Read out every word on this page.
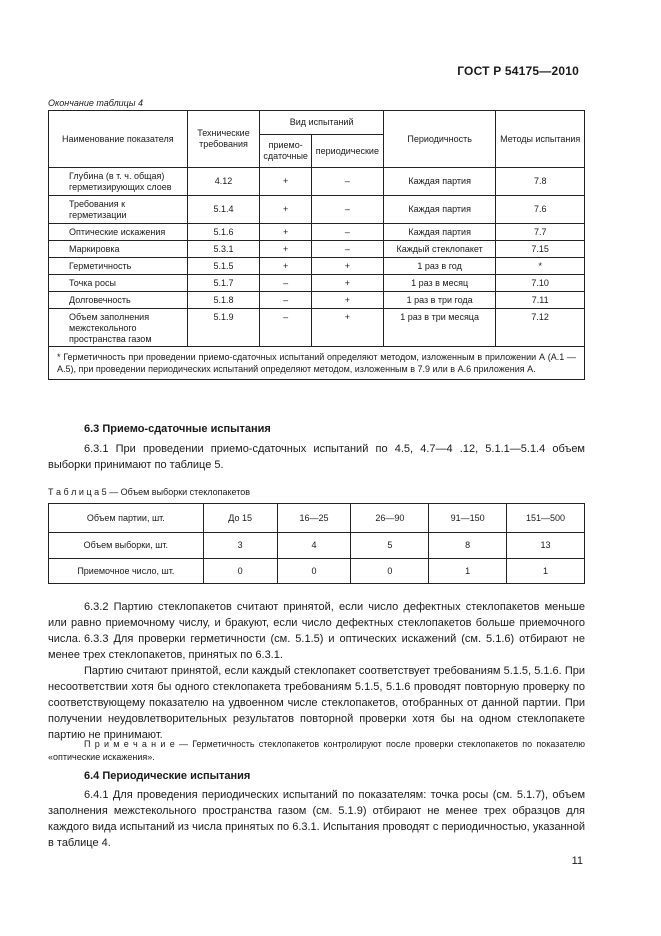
ГОСТ Р 54175—2010
Окончание таблицы 4
Наименование показателя	Технические требования	Вид испытаний		Периодичность	Методы испытания
		приемо-сдаточные	периодические		
Глубина (в т. ч. общая) герметизирующих слоев	4.12	+	–	Каждая партия	7.8
Требования к герметизации	5.1.4	+	–	Каждая партия	7.6
Оптические искажения	5.1.6	+	–	Каждая партия	7.7
Маркировка	5.3.1	+	–	Каждый стеклопакет	7.15
Герметичность	5.1.5	+	+	1 раз в год	*
Точка росы	5.1.7	–	+	1 раз в месяц	7.10
Долговечность	5.1.8	–	+	1 раз в три года	7.11
Объем заполнения межстекольного пространства газом	5.1.9	–	+	1 раз в три месяца	7.12
* Герметичность при проведении приемо-сдаточных испытаний определяют методом, изложенным в приложении А (А.1 — А.5), при проведении периодических испытаний определяют методом, изложенным в 7.9 или в А.6 приложения А.					
6.3 Приемо-сдаточные испытания
6.3.1 При проведении приемо-сдаточных испытаний по 4.5, 4.7—4 .12, 5.1.1—5.1.4 объем выборки принимают по таблице 5.
Т а б л и ц а 5 — Объем выборки стеклопакетов
Объем партии, шт.	До 15	16—25	26—90	91—150	151—500
Объем выборки, шт.	3	4	5	8	13
Приемочное число, шт.	0	0	0	1	1
6.3.2 Партию стеклопакетов считают принятой, если число дефектных стеклопакетов меньше или равно приемочному числу, и бракуют, если число дефектных стеклопакетов больше приемочного числа. 6.3.3 Для проверки герметичности (см. 5.1.5) и оптических искажений (см. 5.1.6) отбирают не менее трех стеклопакетов, принятых по 6.3.1.
Партию считают принятой, если каждый стеклопакет соответствует требованиям 5.1.5, 5.1.6. При несоответствии хотя бы одного стеклопакета требованиям 5.1.5, 5.1.6 проводят повторную проверку по соответствующему показателю на удвоенном числе стеклопакетов, отобранных от данной партии. При получении неудовлетворительных результатов повторной проверки хотя бы на одном стеклопакете партию не принимают.
П р и м е ч а н и е — Герметичность стеклопакетов контролируют после проверки стеклопакетов по показателю «оптические искажения».
6.4 Периодические испытания
6.4.1 Для проведения периодических испытаний по показателям: точка росы (см. 5.1.7), объем заполнения межстекольного пространства газом (см. 5.1.9) отбирают не менее трех образцов для каждого вида испытаний из числа принятых по 6.3.1. Испытания проводят с периодичностью, указанной в таблице 4.
11
